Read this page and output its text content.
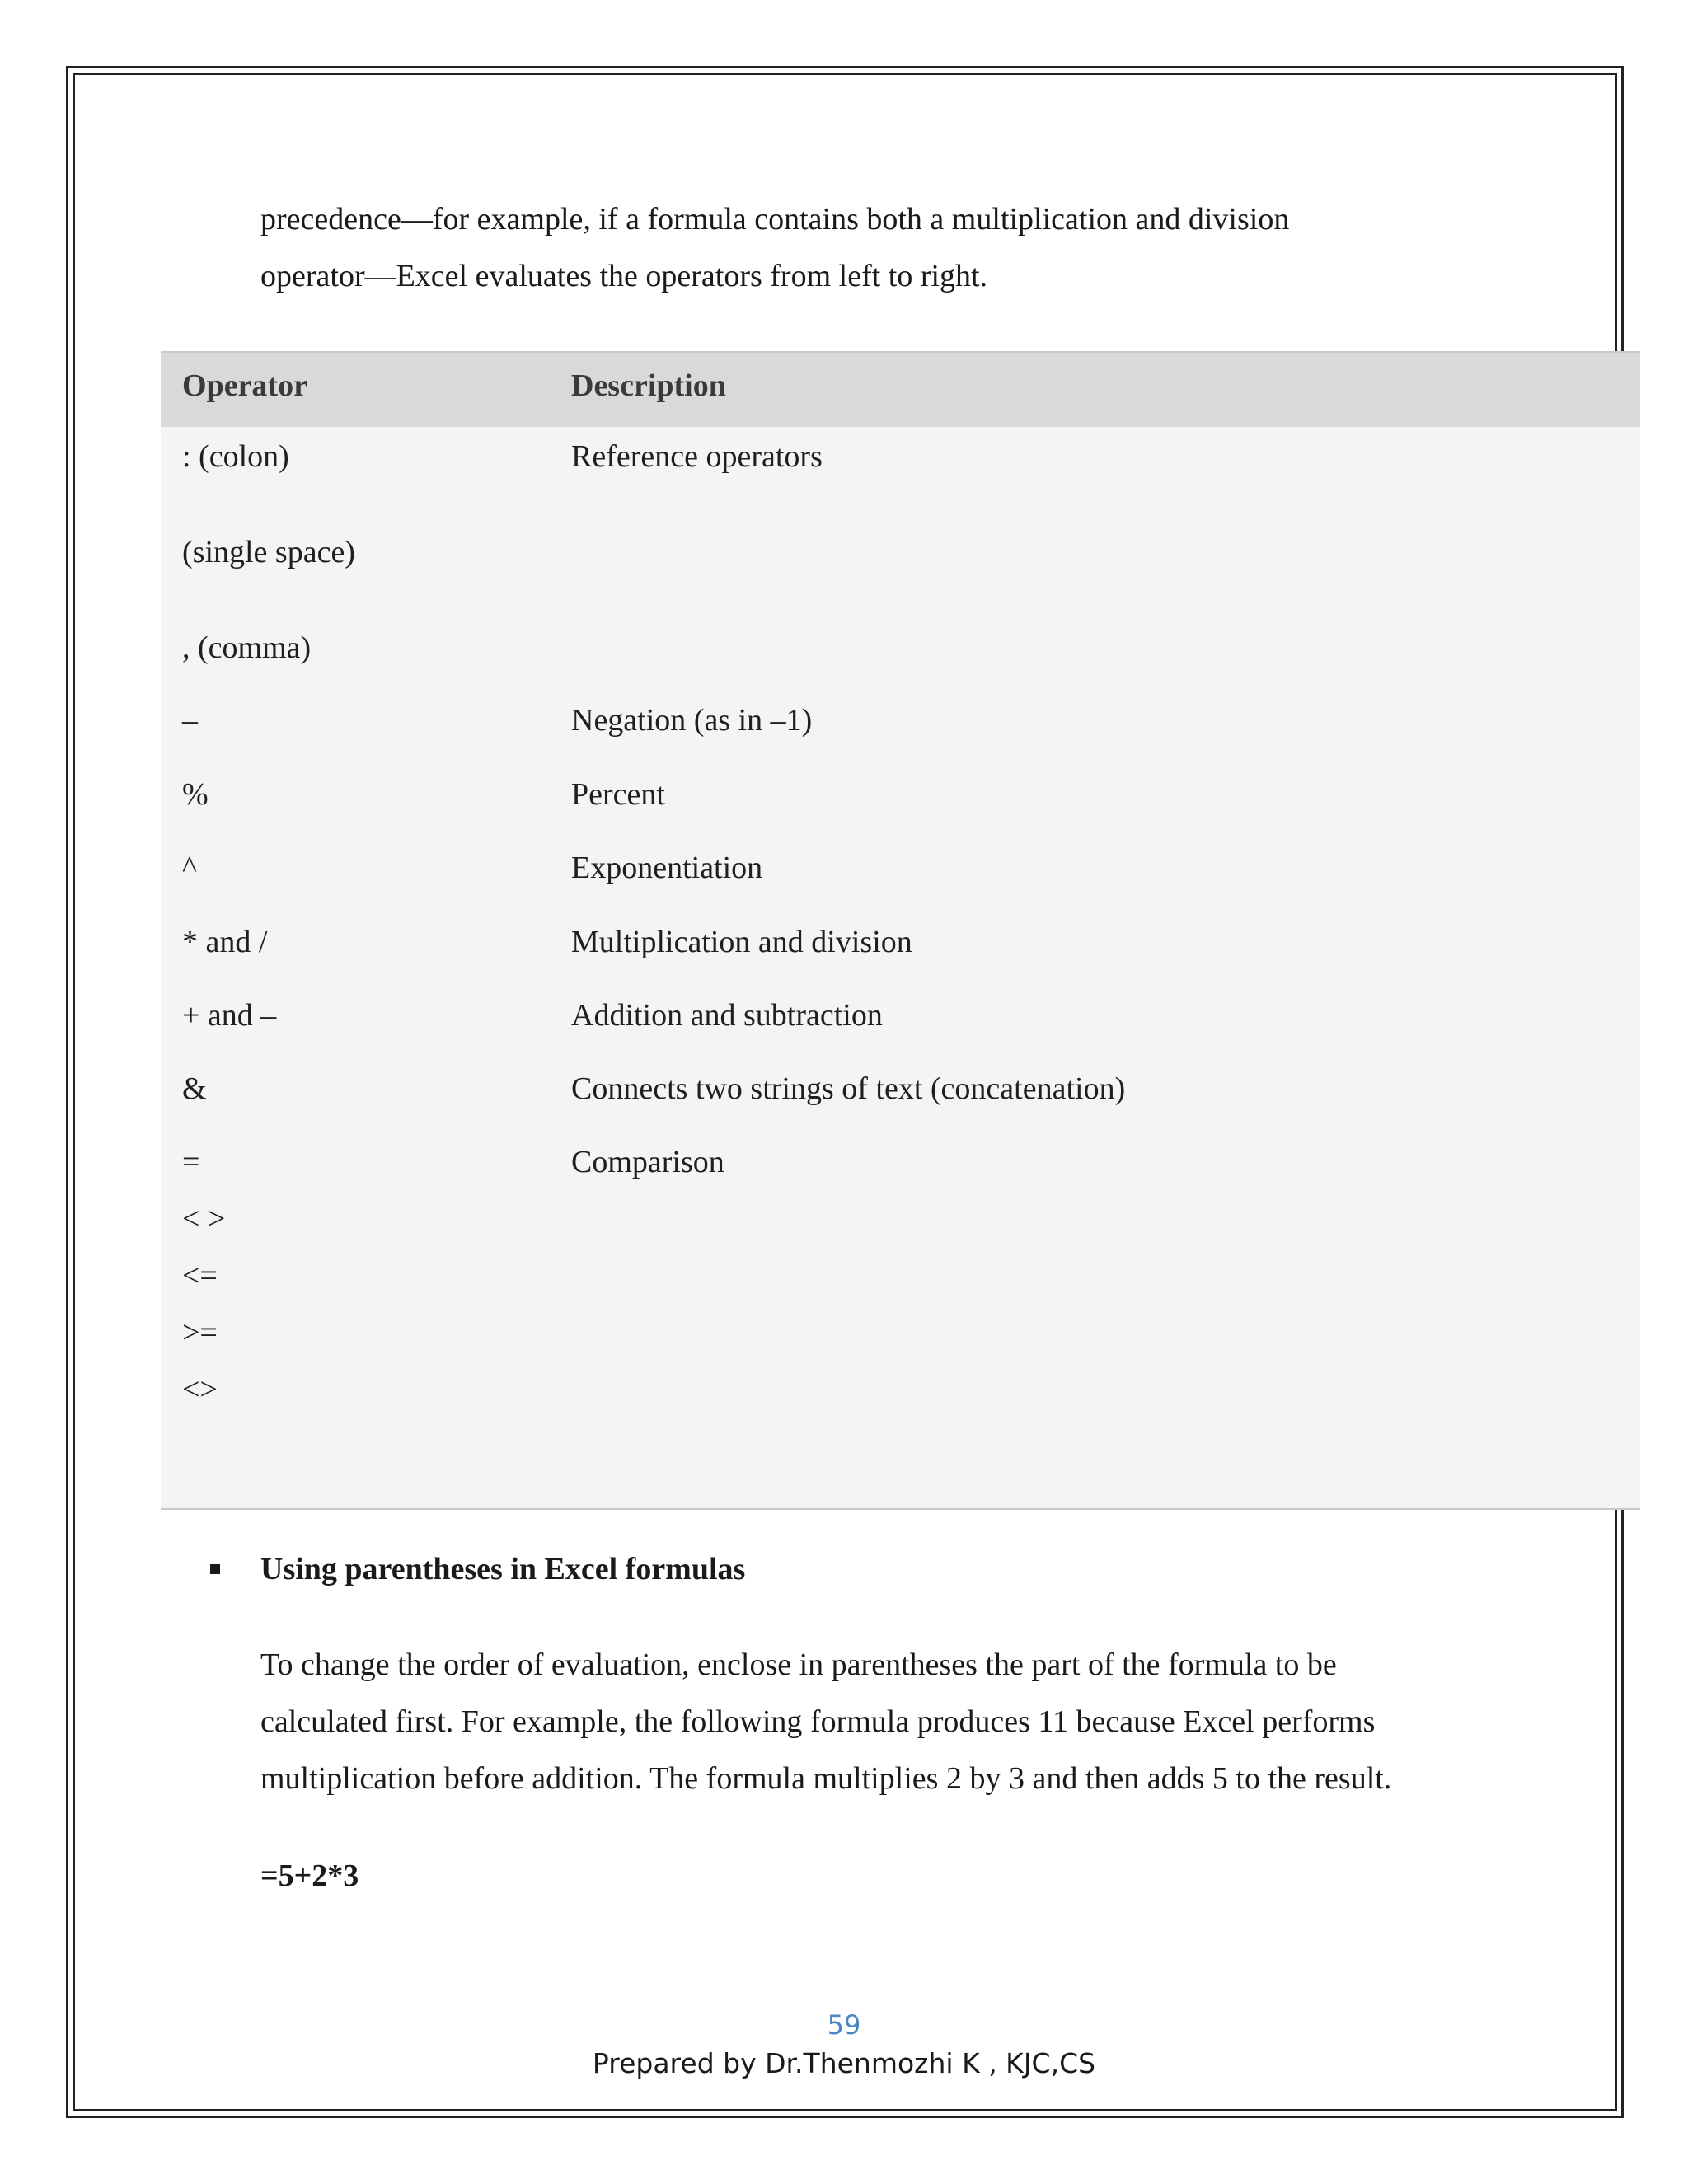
precedence—for example, if a formula contains both a multiplication and division

operator—Excel evaluates the operators from left to right.

Operator	Description
: (colon)	Reference operators
(single space)
, (comma)
–	Negation (as in –1)
%	Percent
^	Exponentiation
* and /	Multiplication and division
+ and –	Addition and subtraction
&	Connects two strings of text (concatenation)
=	Comparison
< >
<=
>=
<>
Using parentheses in Excel formulas

To change the order of evaluation, enclose in parentheses the part of the formula to be

calculated first. For example, the following formula produces 11 because Excel performs

multiplication before addition. The formula multiplies 2 by 3 and then adds 5 to the result.

=5+2*3
59
Prepared by Dr.Thenmozhi K , KJC,CS
